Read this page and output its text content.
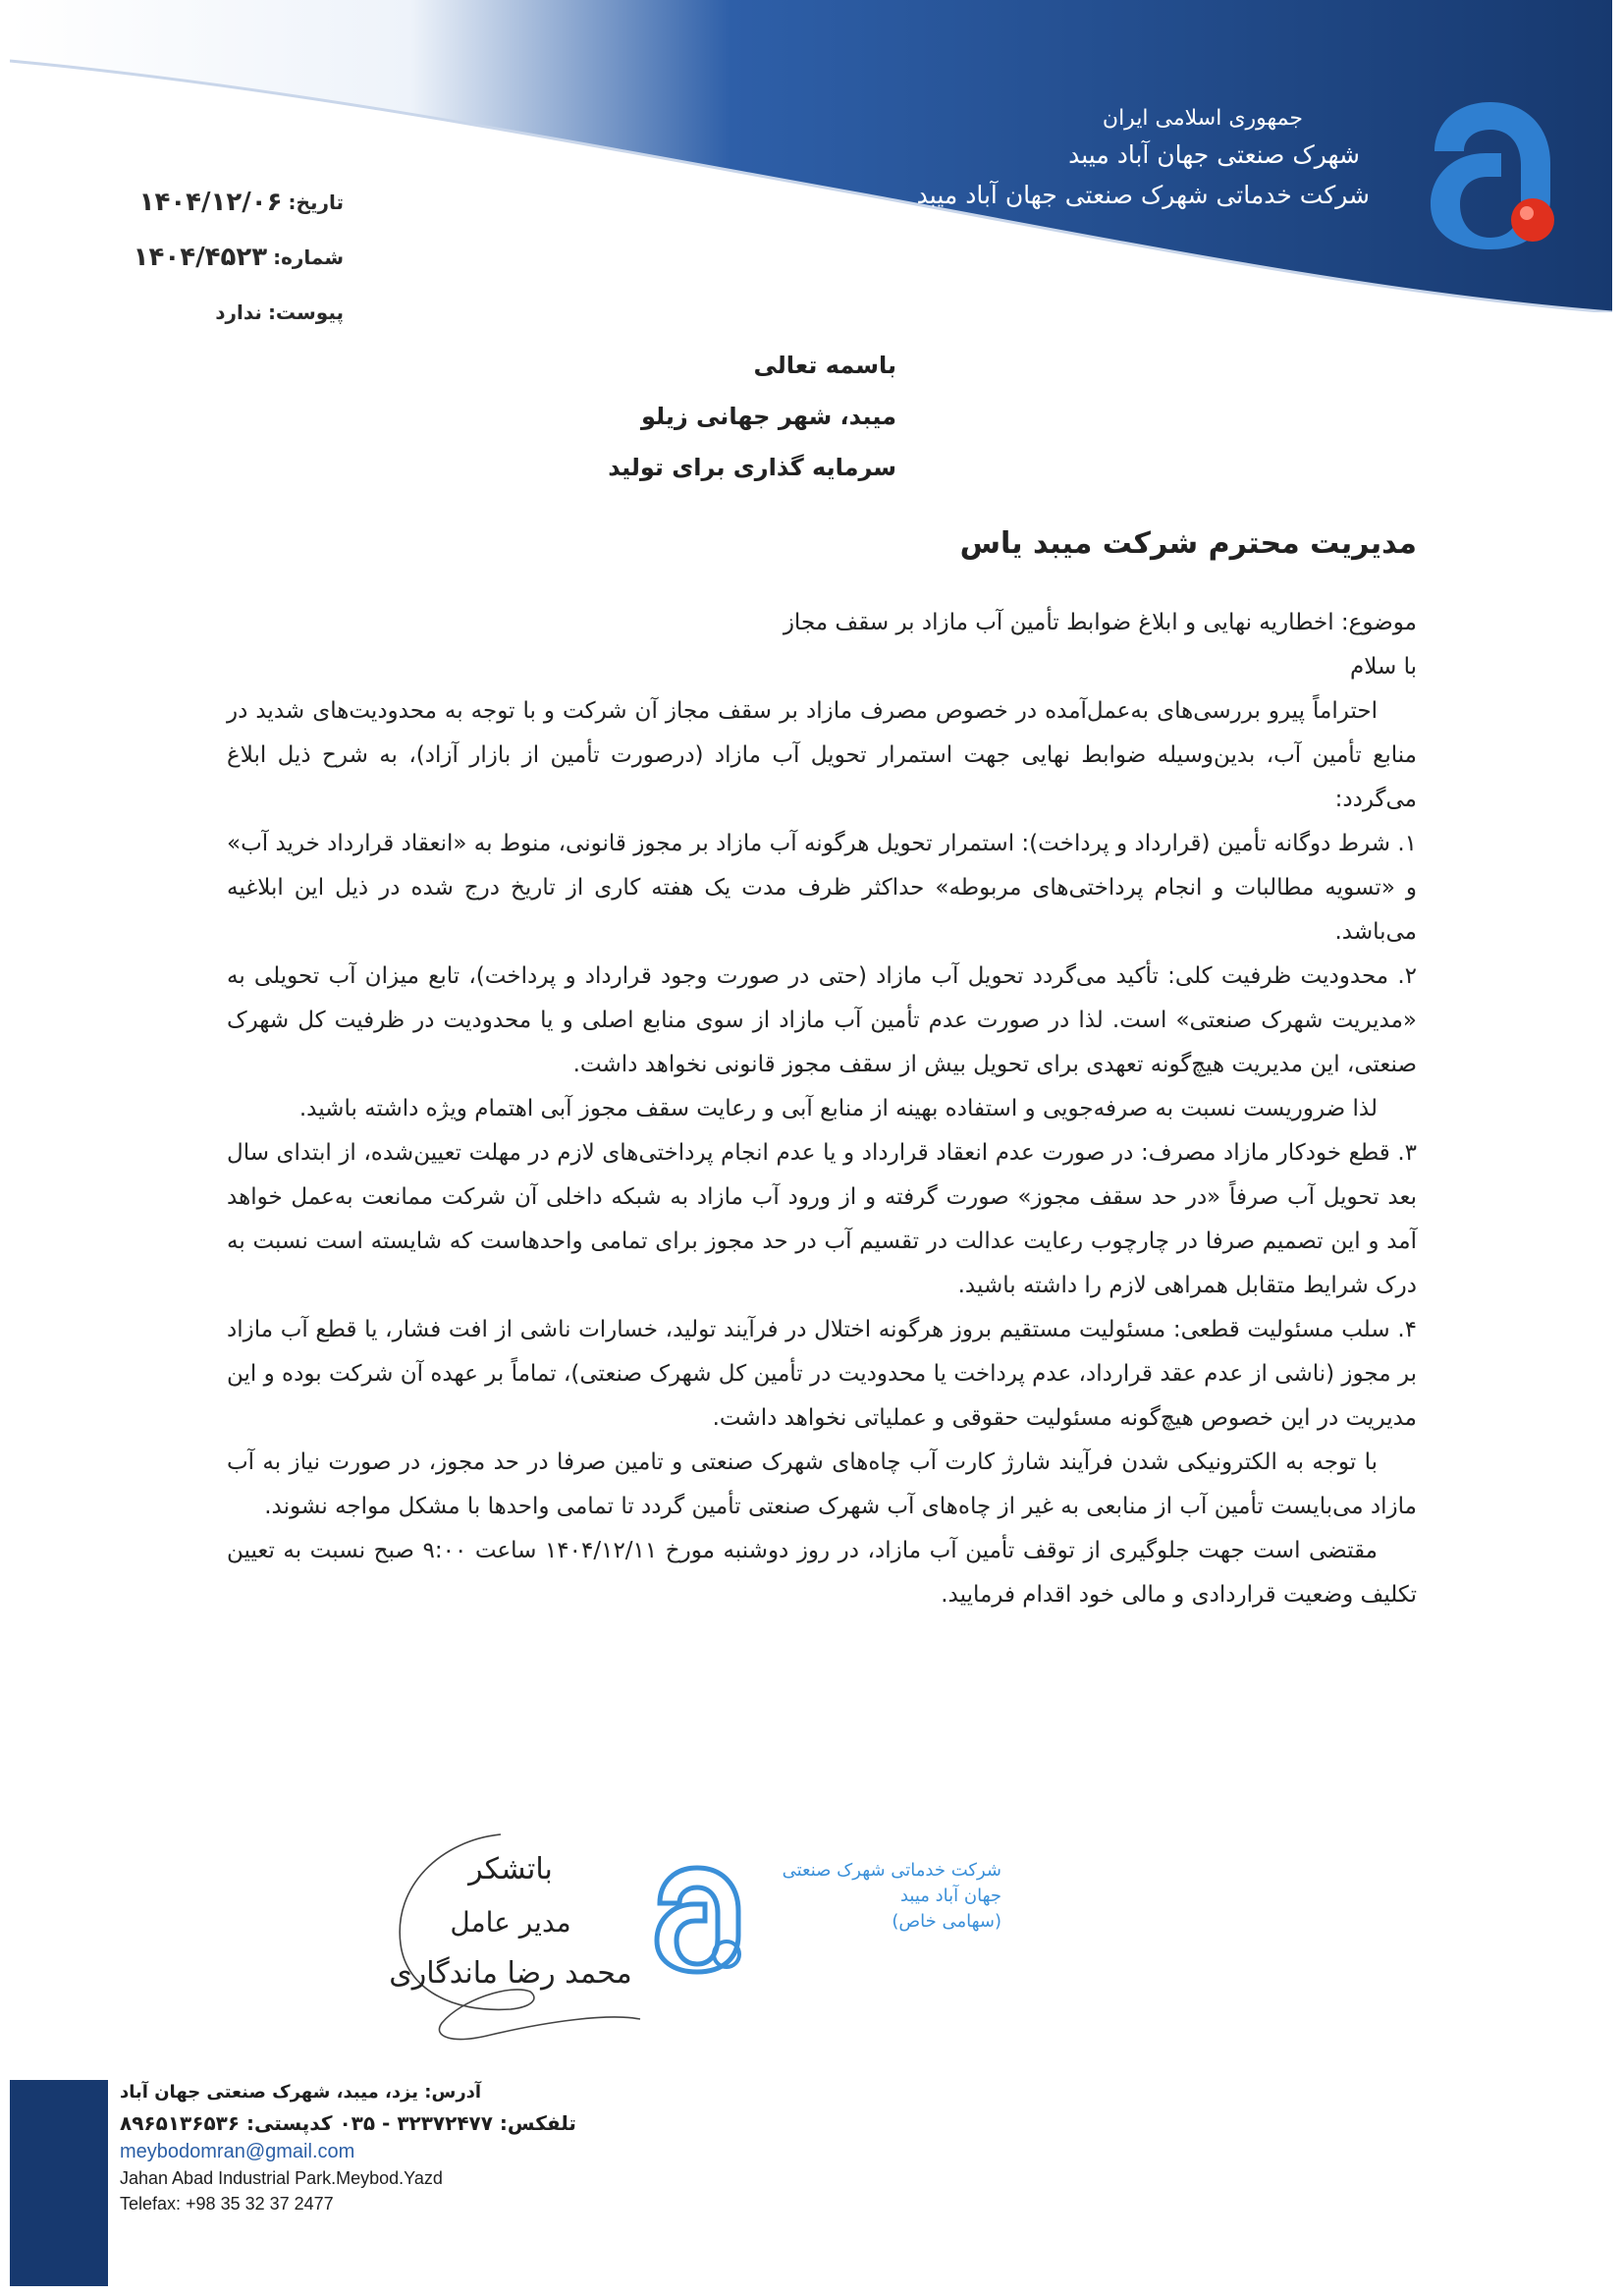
جمهوری اسلامی ایران
شهرک صنعتی جهان آباد میبد
شرکت خدماتی شهرک صنعتی جهان آباد میبد
تاریخ:
۱۴۰۴/۱۲/۰۶
شماره:
۱۴۰۴/۴۵۲۳
پیوست:
ندارد
باسمه تعالی
میبد، شهر جهانی زیلو
سرمایه گذاری برای تولید
مدیریت محترم شرکت میبد یاس

موضوع: اخطاریه نهایی و ابلاغ ضوابط تأمین آب مازاد بر سقف مجاز

با سلام

احتراماً پیرو بررسی‌های به‌عمل‌آمده در خصوص مصرف مازاد بر سقف مجاز آن شرکت و با توجه به محدودیت‌های شدید در منابع تأمین آب، بدین‌وسیله ضوابط نهایی جهت استمرار تحویل آب مازاد (درصورت تأمین از بازار آزاد)، به شرح ذیل ابلاغ می‌گردد:

۱. شرط دوگانه تأمین (قرارداد و پرداخت): استمرار تحویل هرگونه آب مازاد بر مجوز قانونی، منوط به «انعقاد قرارداد خرید آب» و «تسویه مطالبات و انجام پرداختی‌های مربوطه» حداکثر ظرف مدت یک هفته کاری از تاریخ درج شده در ذیل این ابلاغیه می‌باشد.

۲. محدودیت ظرفیت کلی: تأکید می‌گردد تحویل آب مازاد (حتی در صورت وجود قرارداد و پرداخت)، تابع میزان آب تحویلی به «مدیریت شهرک صنعتی» است. لذا در صورت عدم تأمین آب مازاد از سوی منابع اصلی و یا محدودیت در ظرفیت کل شهرک صنعتی، این مدیریت هیچ‌گونه تعهدی برای تحویل بیش از سقف مجوز قانونی نخواهد داشت.

لذا ضروریست نسبت به صرفه‌جویی و استفاده بهینه از منابع آبی و رعایت سقف مجوز آبی اهتمام ویژه داشته باشید.

۳. قطع خودکار مازاد مصرف: در صورت عدم انعقاد قرارداد و یا عدم انجام پرداختی‌های لازم در مهلت تعیین‌شده، از ابتدای سال بعد تحویل آب صرفاً «در حد سقف مجوز» صورت گرفته و از ورود آب مازاد به شبکه داخلی آن شرکت ممانعت به‌عمل خواهد آمد و این تصمیم صرفا در چارچوب رعایت عدالت در تقسیم آب در حد مجوز برای تمامی واحدهاست که شایسته است نسبت به درک شرایط متقابل همراهی لازم را داشته باشید.

۴. سلب مسئولیت قطعی: مسئولیت مستقیم بروز هرگونه اختلال در فرآیند تولید، خسارات ناشی از افت فشار، یا قطع آب مازاد بر مجوز (ناشی از عدم عقد قرارداد، عدم پرداخت یا محدودیت در تأمین کل شهرک صنعتی)، تماماً بر عهده آن شرکت بوده و این مدیریت در این خصوص هیچ‌گونه مسئولیت حقوقی و عملیاتی نخواهد داشت.

با توجه به الکترونیکی شدن فرآیند شارژ کارت آب چاه‌های شهرک صنعتی و تامین صرفا در حد مجوز، در صورت نیاز به آب مازاد می‌بایست تأمین آب از منابعی به غیر از چاه‌های آب شهرک صنعتی تأمین گردد تا تمامی واحدها با مشکل مواجه نشوند.

مقتضی است جهت جلوگیری از توقف تأمین آب مازاد، در روز دوشنبه مورخ ۱۴۰۴/۱۲/۱۱ ساعت ۹:۰۰ صبح نسبت به تعیین تکلیف وضعیت قراردادی و مالی خود اقدام فرمایید.

شرکت خدماتی شهرک صنعتی
جهان آباد میبد
(سهامی خاص)
باتشکر
مدیر عامل
محمد رضا ماندگاری
آدرس: یزد، میبد، شهرک صنعتی جهان آباد
تلفکس: ۳۲۳۷۲۴۷۷ - ۰۳۵ کدپستی: ۸۹۶۵۱۳۶۵۳۶
meybodomran@gmail.com
Jahan Abad Industrial Park.Meybod.Yazd
Telefax: +98 35 32 37 2477
